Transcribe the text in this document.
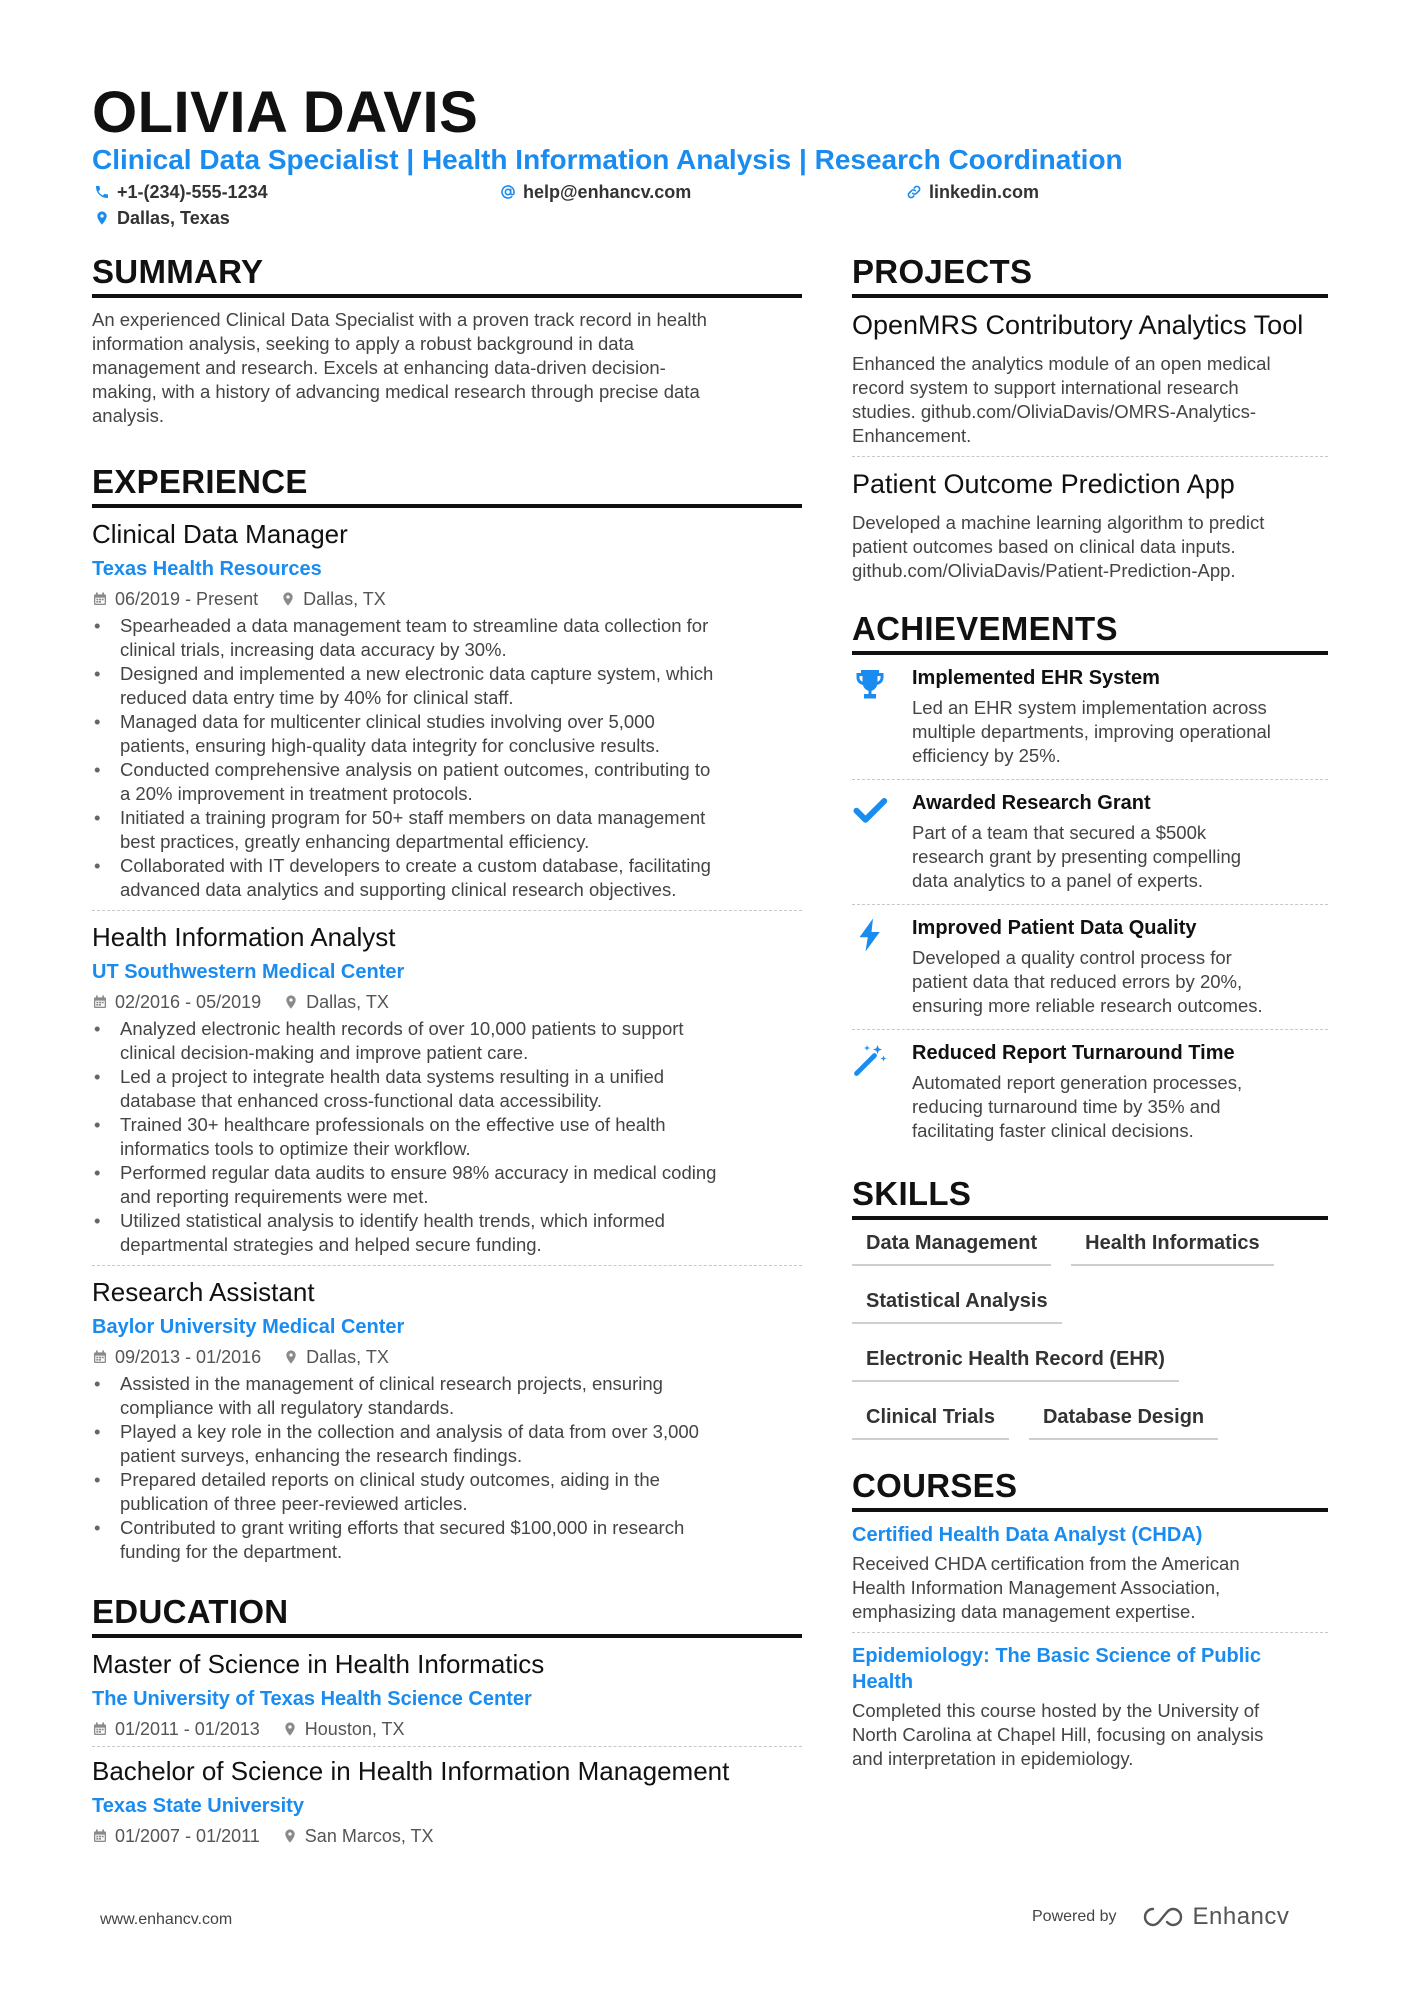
OLIVIA DAVIS
Clinical Data Specialist | Health Information Analysis | Research Coordination
+1-(234)-555-1234	help@enhancv.com	linkedin.com
Dallas, Texas
SUMMARY
An experienced Clinical Data Specialist with a proven track record in health
information analysis, seeking to apply a robust background in data
management and research. Excels at enhancing data-driven decision-
making, with a history of advancing medical research through precise data
analysis.
EXPERIENCE
Clinical Data Manager
Texas Health Resources
06/2019 - Present	Dallas, TX
• Spearheaded a data management team to streamline data collection for
clinical trials, increasing data accuracy by 30%.
• Designed and implemented a new electronic data capture system, which
reduced data entry time by 40% for clinical staff.
• Managed data for multicenter clinical studies involving over 5,000
patients, ensuring high-quality data integrity for conclusive results.
• Conducted comprehensive analysis on patient outcomes, contributing to
a 20% improvement in treatment protocols.
• Initiated a training program for 50+ staff members on data management
best practices, greatly enhancing departmental efficiency.
• Collaborated with IT developers to create a custom database, facilitating
advanced data analytics and supporting clinical research objectives.
Health Information Analyst
UT Southwestern Medical Center
02/2016 - 05/2019	Dallas, TX
• Analyzed electronic health records of over 10,000 patients to support
clinical decision-making and improve patient care.
• Led a project to integrate health data systems resulting in a unified
database that enhanced cross-functional data accessibility.
• Trained 30+ healthcare professionals on the effective use of health
informatics tools to optimize their workflow.
• Performed regular data audits to ensure 98% accuracy in medical coding
and reporting requirements were met.
• Utilized statistical analysis to identify health trends, which informed
departmental strategies and helped secure funding.
Research Assistant
Baylor University Medical Center
09/2013 - 01/2016	Dallas, TX
• Assisted in the management of clinical research projects, ensuring
compliance with all regulatory standards.
• Played a key role in the collection and analysis of data from over 3,000
patient surveys, enhancing the research findings.
• Prepared detailed reports on clinical study outcomes, aiding in the
publication of three peer-reviewed articles.
• Contributed to grant writing efforts that secured $100,000 in research
funding for the department.
EDUCATION
Master of Science in Health Informatics
The University of Texas Health Science Center
01/2011 - 01/2013	Houston, TX
Bachelor of Science in Health Information Management
Texas State University
01/2007 - 01/2011	San Marcos, TX
PROJECTS
OpenMRS Contributory Analytics Tool
Enhanced the analytics module of an open medical
record system to support international research
studies. github.com/OliviaDavis/OMRS-Analytics-
Enhancement.
Patient Outcome Prediction App
Developed a machine learning algorithm to predict
patient outcomes based on clinical data inputs.
github.com/OliviaDavis/Patient-Prediction-App.
ACHIEVEMENTS
Implemented EHR System
Led an EHR system implementation across
multiple departments, improving operational
efficiency by 25%.
Awarded Research Grant
Part of a team that secured a $500k
research grant by presenting compelling
data analytics to a panel of experts.
Improved Patient Data Quality
Developed a quality control process for
patient data that reduced errors by 20%,
ensuring more reliable research outcomes.
Reduced Report Turnaround Time
Automated report generation processes,
reducing turnaround time by 35% and
facilitating faster clinical decisions.
SKILLS
Data Management	Health Informatics
Statistical Analysis
Electronic Health Record (EHR)
Clinical Trials	Database Design
COURSES
Certified Health Data Analyst (CHDA)
Received CHDA certification from the American
Health Information Management Association,
emphasizing data management expertise.
Epidemiology: The Basic Science of Public
Health
Completed this course hosted by the University of
North Carolina at Chapel Hill, focusing on analysis
and interpretation in epidemiology.
www.enhancv.com	Powered by	Enhancv
